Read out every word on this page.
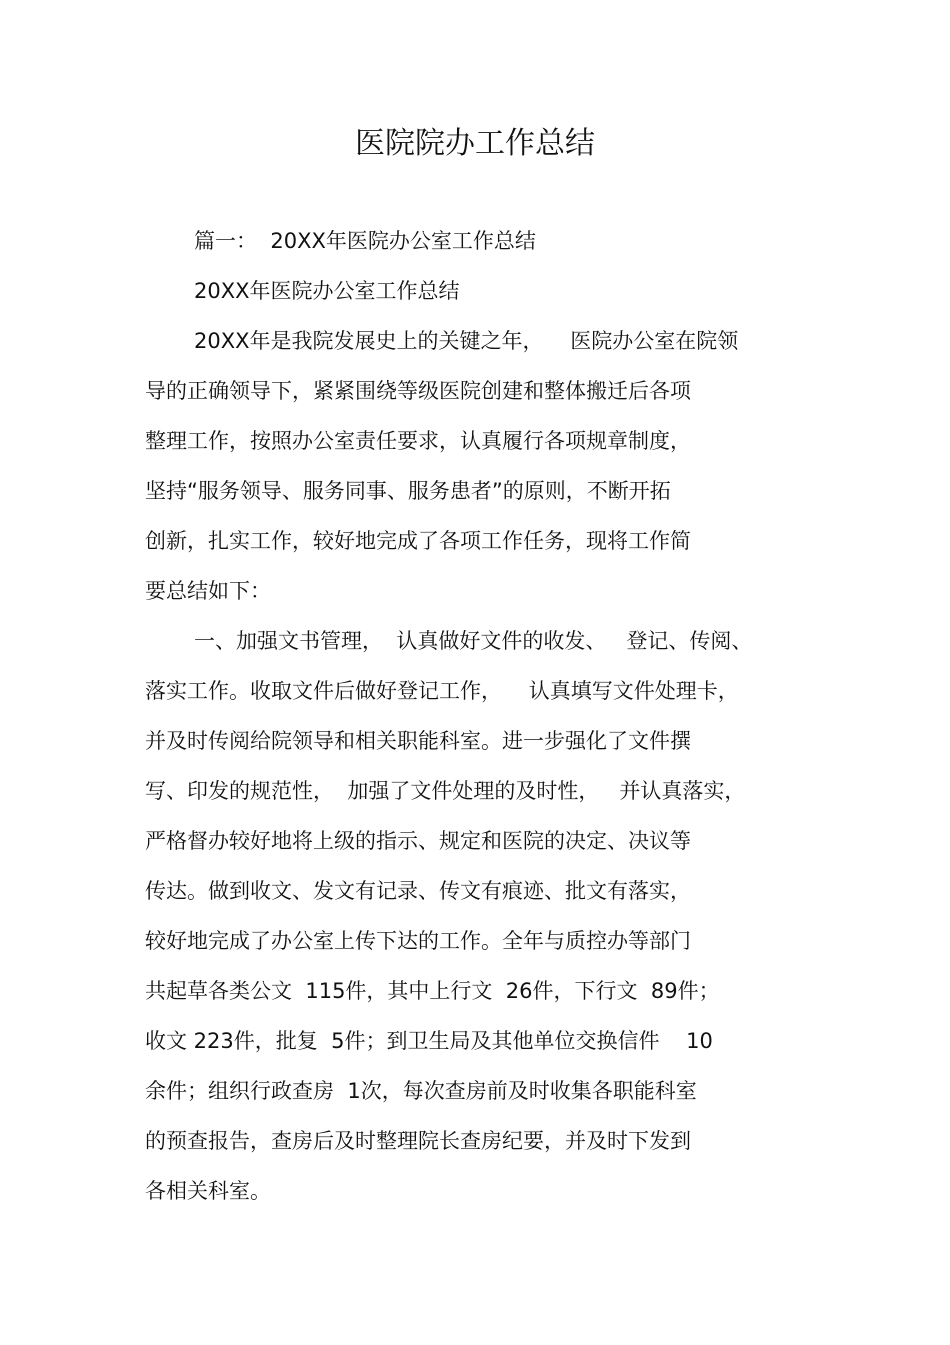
医院院办工作总结
篇一：  20XX年医院办公室工作总结
20XX年医院办公室工作总结
20XX年是我院发展史上的关键之年，    医院办公室在院领
导的正确领导下，紧紧围绕等级医院创建和整体搬迁后各项
整理工作，按照办公室责任要求，认真履行各项规章制度，
坚持“服务领导、服务同事、服务患者”的原则，不断开拓
创新，扎实工作，较好地完成了各项工作任务，现将工作简
要总结如下：
一、加强文书管理，  认真做好文件的收发、   登记、传阅、
落实工作。收取文件后做好登记工作，    认真填写文件处理卡，
并及时传阅给院领导和相关职能科室。进一步强化了文件撰
写、印发的规范性，  加强了文件处理的及时性，   并认真落实，
严格督办较好地将上级的指示、规定和医院的决定、决议等
传达。做到收文、发文有记录、传文有痕迹、批文有落实，
较好地完成了办公室上传下达的工作。全年与质控办等部门
共起草各类公文  115件，其中上行文  26件，下行文  89件；
收文 223件，批复  5件；到卫生局及其他单位交换信件    10
余件；组织行政查房  1次，每次查房前及时收集各职能科室
的预查报告，查房后及时整理院长查房纪要，并及时下发到
各相关科室。
